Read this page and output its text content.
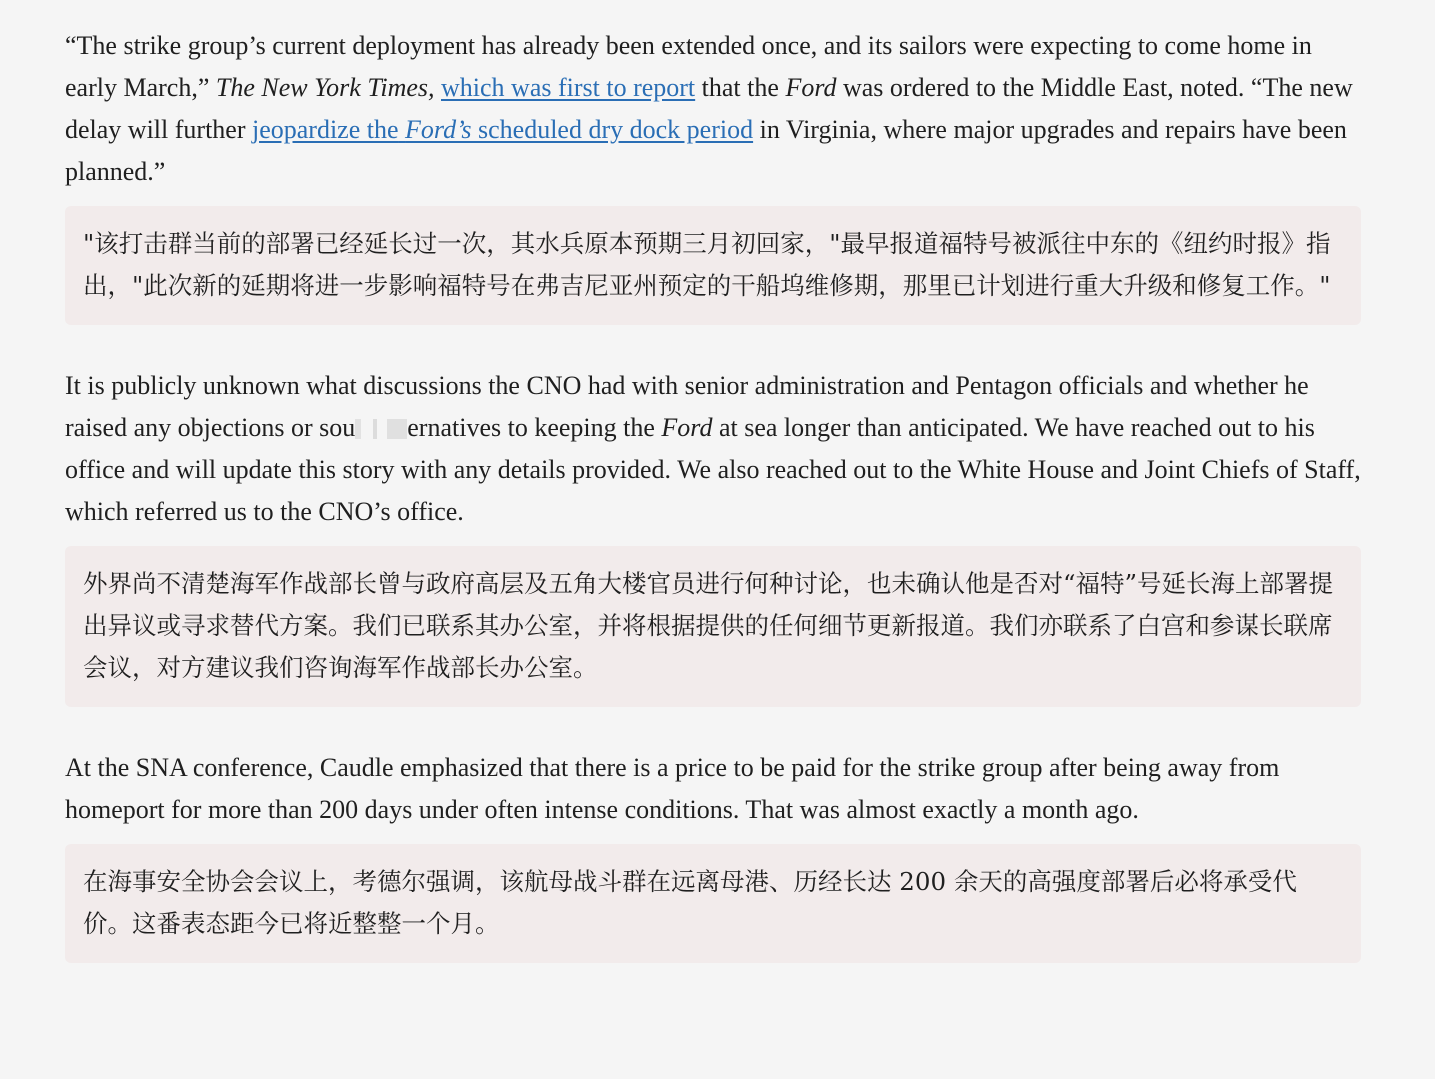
“The strike group’s current deployment has already been extended once, and its sailors were expecting to come home in early March,” The New York Times, which was first to report that the Ford was ordered to the Middle East, noted. “The new delay will further jeopardize the Ford’s scheduled dry dock period in Virginia, where major upgrades and repairs have been planned.”

"该打击群当前的部署已经延长过一次，其水兵原本预期三月初回家，"最早报道福特号被派往中东的《纽约时报》指出，"此次新的延期将进一步影响福特号在弗吉尼亚州预定的干船坞维修期，那里已计划进行重大升级和修复工作。"

It is publicly unknown what discussions the CNO had with senior administration and Pentagon officials and whether he raised any objections or sou ernatives to keeping the Ford at sea longer than anticipated. We have reached out to his office and will update this story with any details provided. We also reached out to the White House and Joint Chiefs of Staff, which referred us to the CNO’s office.

外界尚不清楚海军作战部长曾与政府高层及五角大楼官员进行何种讨论，也未确认他是否对“福特”号延长海上部署提出异议或寻求替代方案。我们已联系其办公室，并将根据提供的任何细节更新报道。我们亦联系了白宫和参谋长联席会议，对方建议我们咨询海军作战部长办公室。

At the SNA conference, Caudle emphasized that there is a price to be paid for the strike group after being away from homeport for more than 200 days under often intense conditions. That was almost exactly a month ago.

在海事安全协会会议上，考德尔强调，该航母战斗群在远离母港、历经长达 200 余天的高强度部署后必将承受代价。这番表态距今已将近整整一个月。
